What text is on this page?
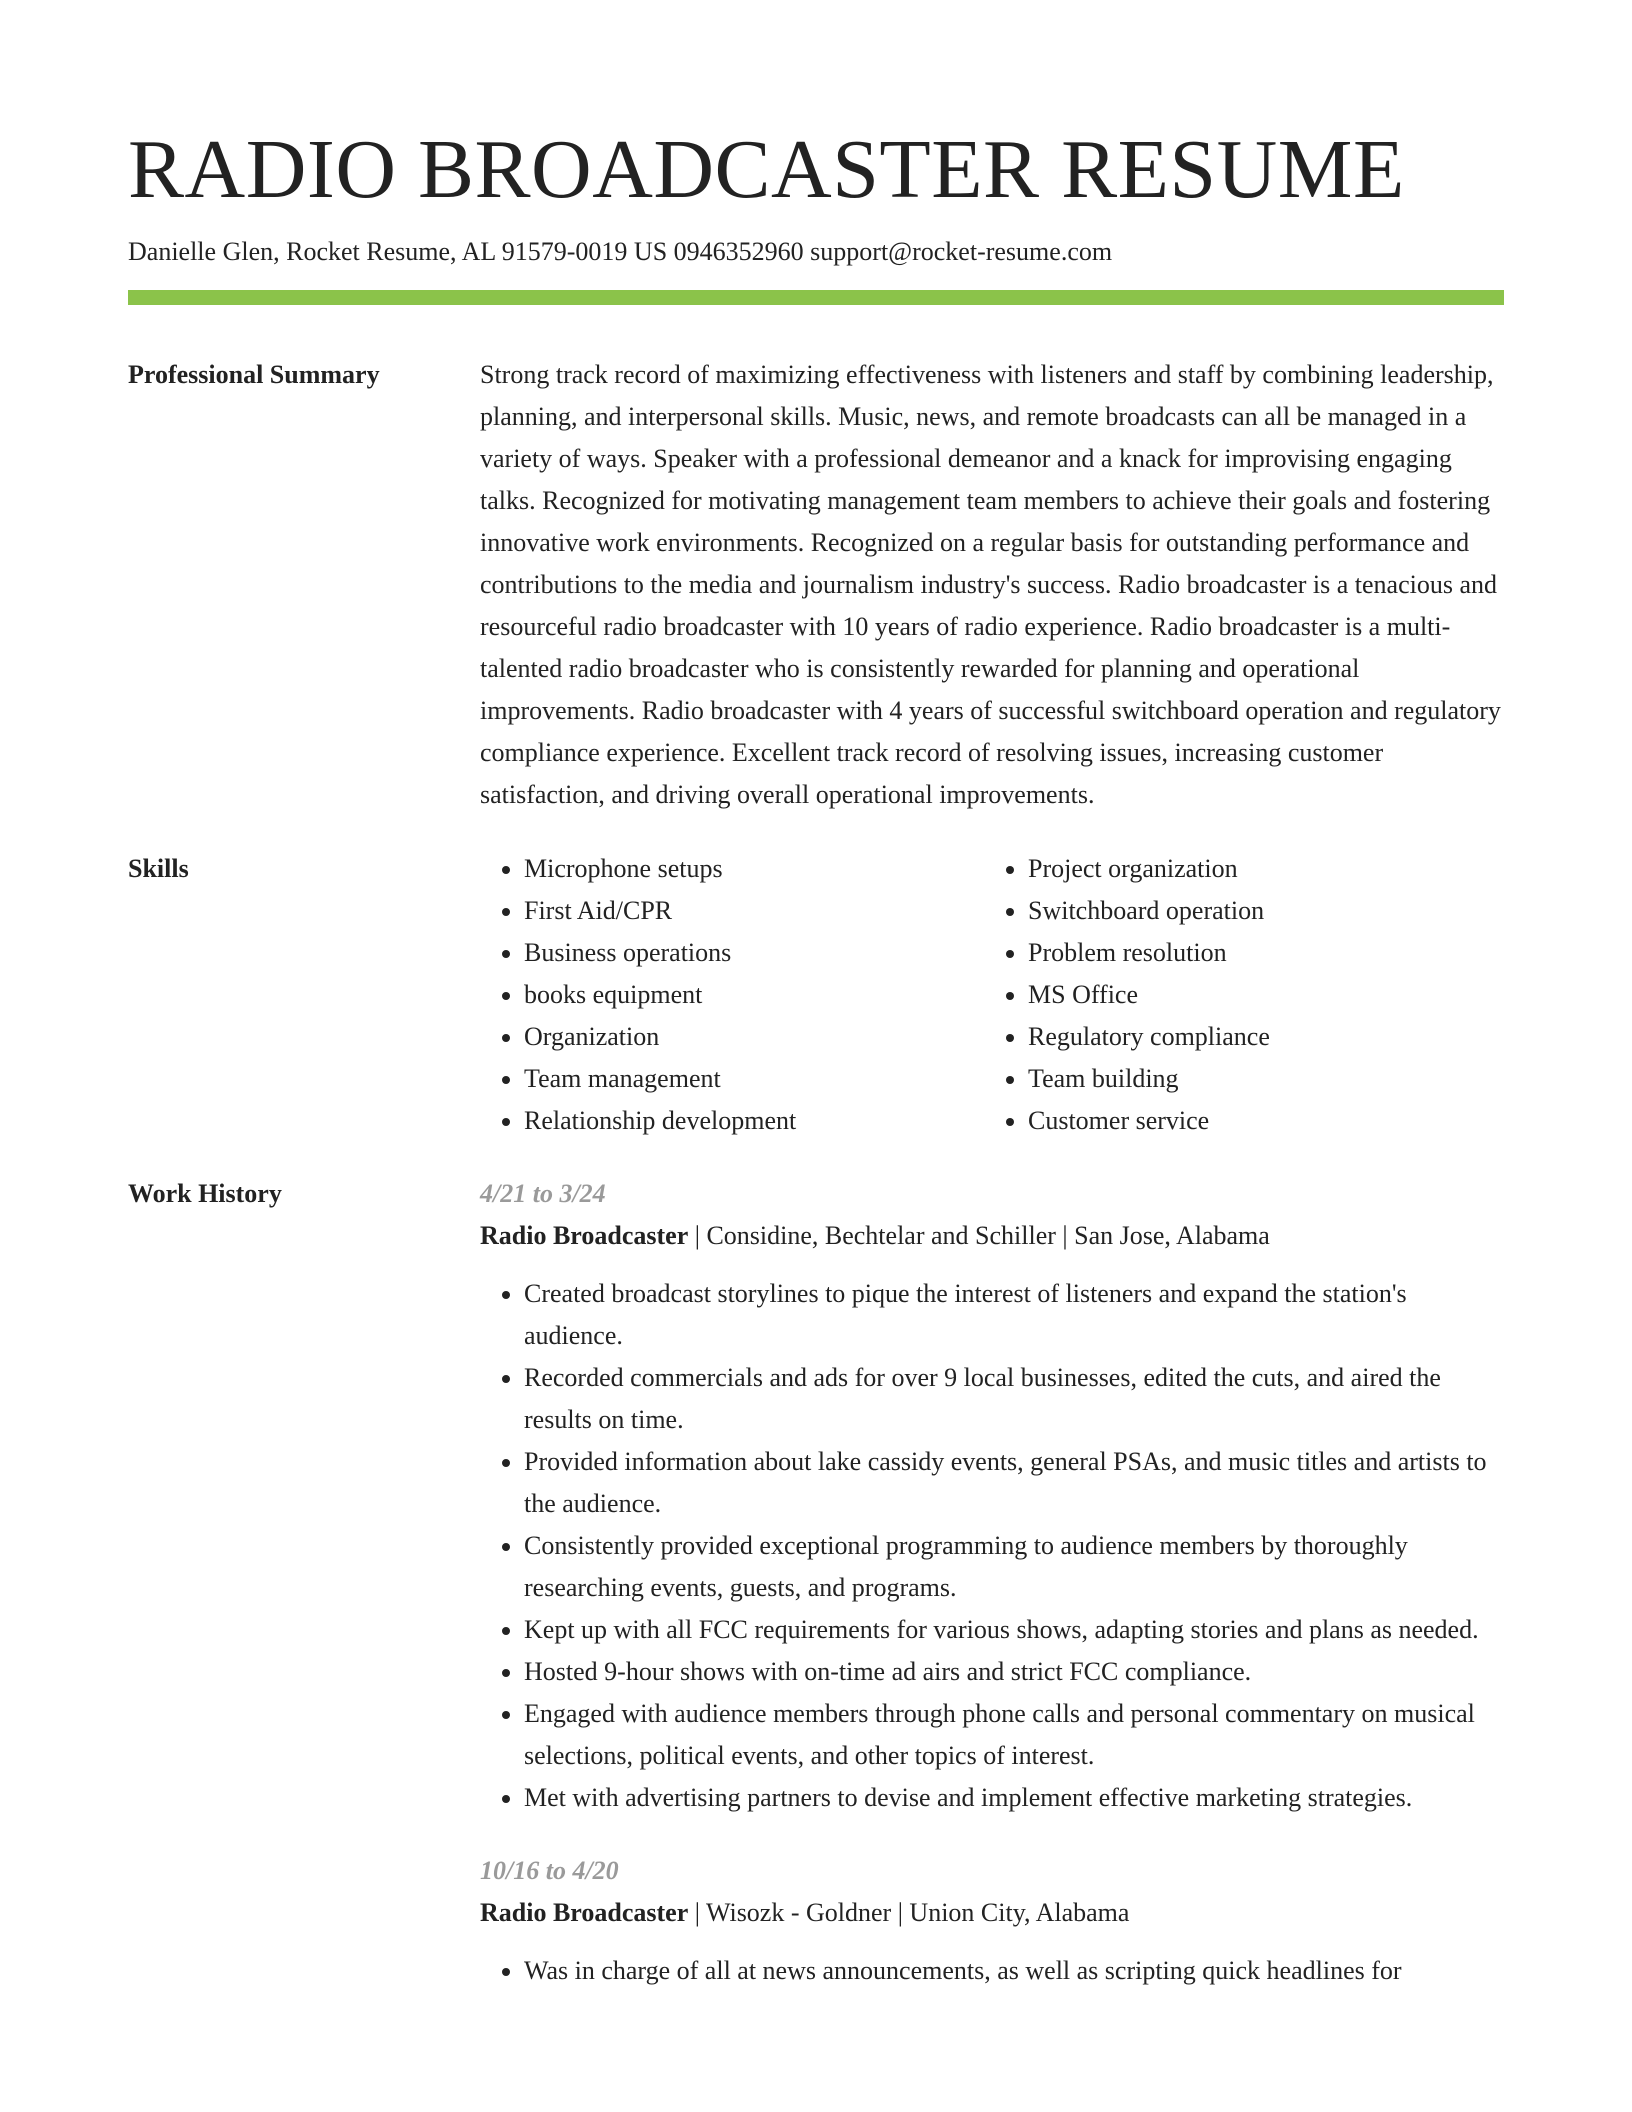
RADIO BROADCASTER RESUME
Danielle Glen, Rocket Resume, AL 91579-0019 US 0946352960 support@rocket-resume.com
Professional Summary	Strong track record of maximizing effectiveness with listeners and staff by combining leadership, planning, and interpersonal skills. Music, news, and remote broadcasts can all be managed in a variety of ways. Speaker with a professional demeanor and a knack for improvising engaging talks. Recognized for motivating management team members to achieve their goals and fostering innovative work environments. Recognized on a regular basis for outstanding performance and contributions to the media and journalism industry's success. Radio broadcaster is a tenacious and resourceful radio broadcaster with 10 years of radio experience. Radio broadcaster is a multi-talented radio broadcaster who is consistently rewarded for planning and operational improvements. Radio broadcaster with 4 years of successful switchboard operation and regulatory compliance experience. Excellent track record of resolving issues, increasing customer satisfaction, and driving overall operational improvements.

Skills
•	Microphone setups
• First Aid/CPR
• Business operations
• books equipment
• Organization
• Team management
• Relationship development
• Project organization
• Switchboard operation
• Problem resolution
• MS Office
• Regulatory compliance
• Team building
• Customer service
Work History	4/21 to 3/24
Radio Broadcaster | Considine, Bechtelar and Schiller | San Jose, Alabama
• Created broadcast storylines to pique the interest of listeners and expand the station's audience.
• Recorded commercials and ads for over 9 local businesses, edited the cuts, and aired the results on time.
• Provided information about lake cassidy events, general PSAs, and music titles and artists to the audience.
• Consistently provided exceptional programming to audience members by thoroughly researching events, guests, and programs.
• Kept up with all FCC requirements for various shows, adapting stories and plans as needed.
• Hosted 9-hour shows with on-time ad airs and strict FCC compliance.
• Engaged with audience members through phone calls and personal commentary on musical selections, political events, and other topics of interest.
• Met with advertising partners to devise and implement effective marketing strategies.
10/16 to 4/20
Radio Broadcaster | Wisozk - Goldner | Union City, Alabama
• Was in charge of all at news announcements, as well as scripting quick headlines for
